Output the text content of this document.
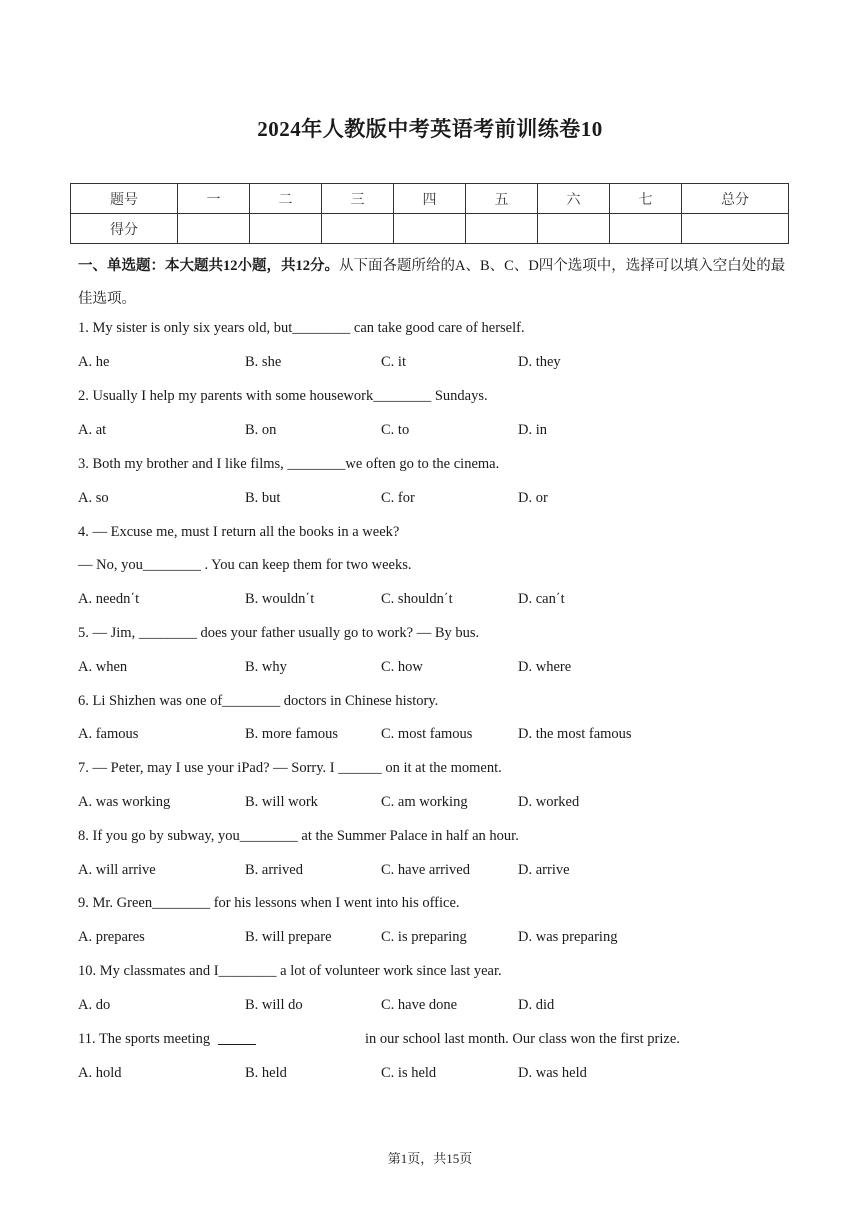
2024年人教版中考英语考前训练卷10
题号	一	二	三	四	五	六	七	总分
得分								
一、单选题：本大题共12小题，共12分。从下面各题所给的A、B、C、D四个选项中，选择可以填入空白处的最佳选项。
1. My sister is only six years old, but________ can take good care of herself.
A. he	B. she	C. it	D. they
2. Usually I help my parents with some housework________ Sundays.
A. at	B. on	C. to	D. in
3. Both my brother and I like films, ________we often go to the cinema.
A. so	B. but	C. for	D. or
4. — Excuse me, must I return all the books in a week?
— No, you________ . You can keep them for two weeks.
A. needn΄t	B. wouldn΄t	C. shouldn΄t	D. can΄t
5. — Jim, ________ does your father usually go to work? — By bus.
A. when	B. why	C. how	D. where
6. Li Shizhen was one of________ doctors in Chinese history.
A. famous	B. more famous	C. most famous	D. the most famous
7. — Peter, may I use your iPad? — Sorry. I ______ on it at the moment.
A. was working	B. will work	C. am working	D. worked
8. If you go by subway, you________ at the Summer Palace in half an hour.
A. will arrive	B. arrived	C. have arrived	D. arrive
9. Mr. Green________ for his lessons when I went into his office.
A. prepares	B. will prepare	C. is preparing	D. was preparing
10. My classmates and I________ a lot of volunteer work since last year.
A. do	B. will do	C. have done	D. did
11. The sports meeting	in our school last month. Our class won the first prize.
A. hold	B. held	C. is held	D. was held
第1页，共15页
